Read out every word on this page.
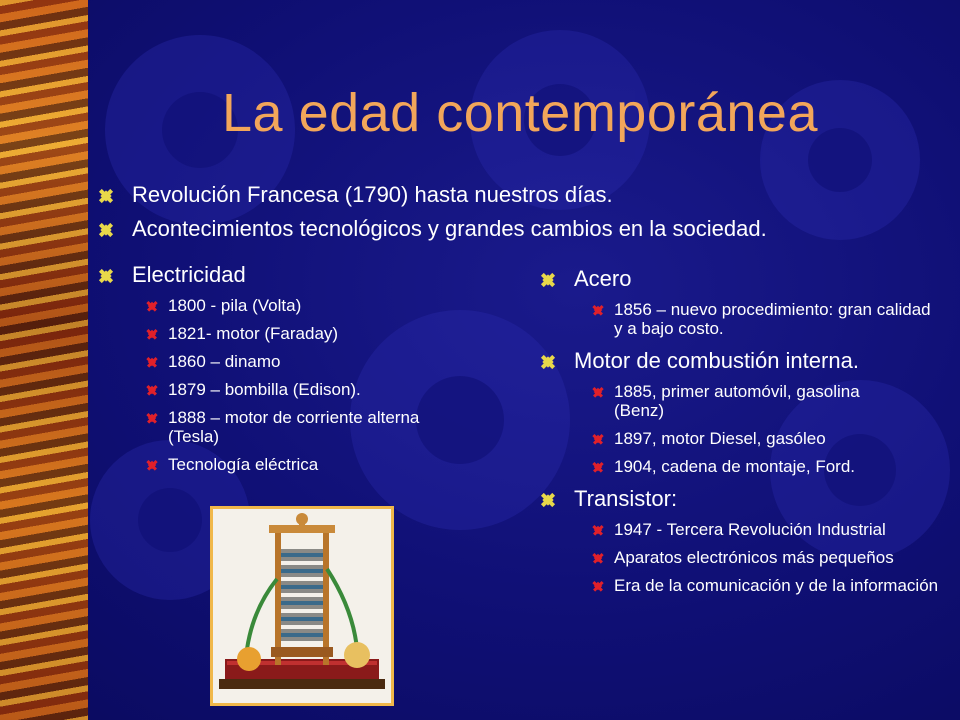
La edad contemporánea
Revolución Francesa (1790) hasta nuestros días.
Acontecimientos tecnológicos y grandes cambios en la sociedad.
Electricidad
1800 - pila (Volta)
1821- motor (Faraday)
1860 – dinamo
1879 – bombilla (Edison).
1888 – motor de corriente alterna (Tesla)
Tecnología eléctrica
Acero
1856 – nuevo procedimiento: gran calidad y a bajo costo.
Motor de combustión interna.
1885, primer automóvil, gasolina (Benz)
1897, motor Diesel, gasóleo
1904, cadena de montaje, Ford.
Transistor:
1947 - Tercera Revolución Industrial
Aparatos electrónicos más pequeños
Era de la comunicación y de la información
